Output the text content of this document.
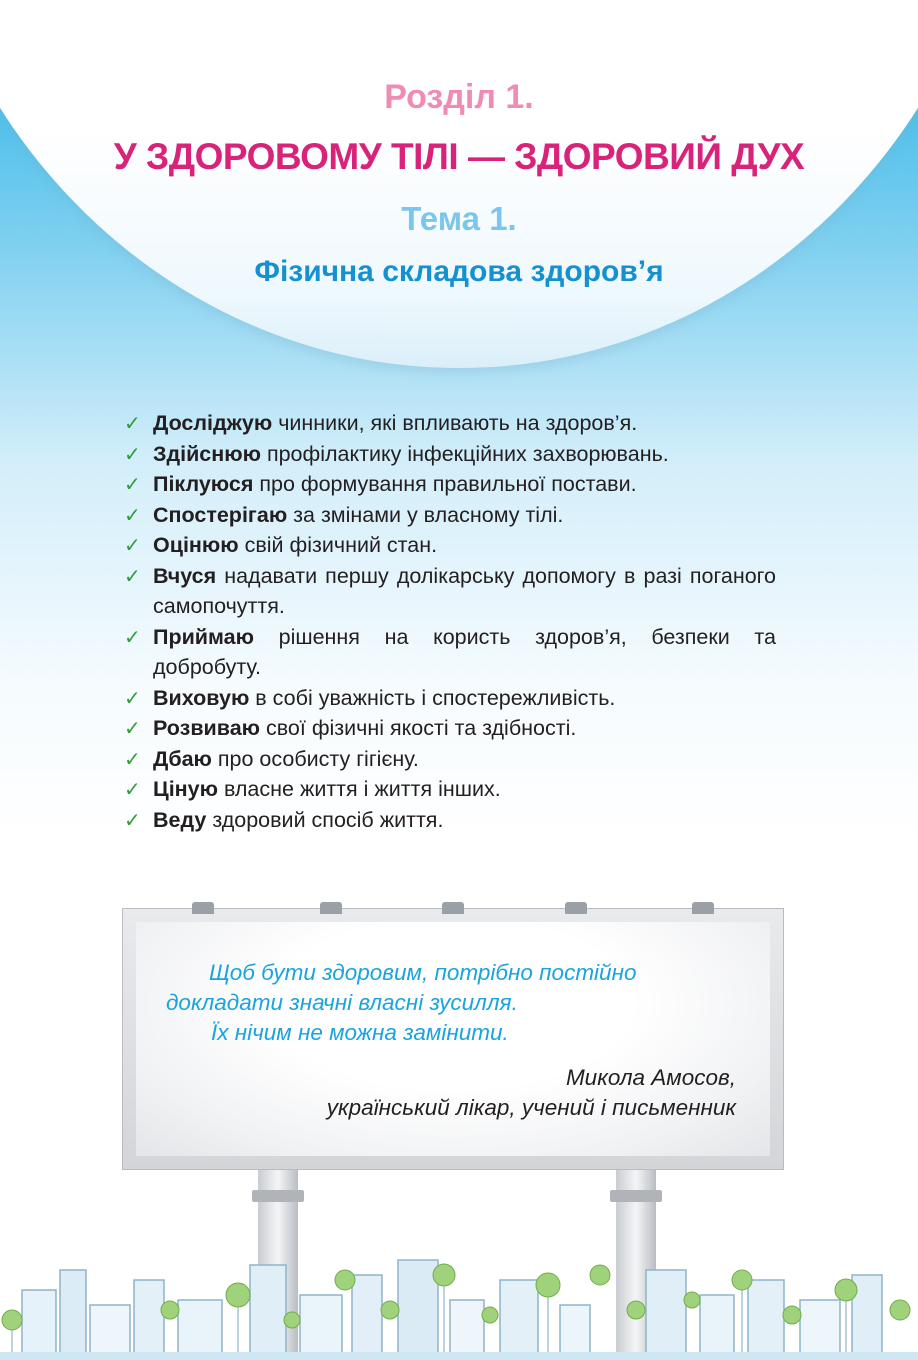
Розділ 1.
У ЗДОРОВОМУ ТІЛІ — ЗДОРОВИЙ ДУХ
Тема 1.
Фізична складова здоров’я
✓ Досліджую чинники, які впливають на здоров’я.
✓ Здійснюю профілактику інфекційних захворювань.
✓ Піклуюся про формування правильної постави.
✓ Спостерігаю за змінами у власному тілі.
✓ Оцінюю свій фізичний стан.
✓ Вчуся надавати першу долікарську допомогу в разі поганого самопочуття.
✓ Приймаю рішення на користь здоров’я, безпеки та добробуту.
✓ Виховую в собі уважність і спостережливість.
✓ Розвиваю свої фізичні якості та здібності.
✓ Дбаю про особисту гігієну.
✓ Ціную власне життя і життя інших.
✓ Веду здоровий спосіб життя.
Щоб бути здоровим, потрібно постійно
докладати значні власні зусилля.
Їх нічим не можна замінити.
Микола Амосов,
український лікар, учений і письменник
